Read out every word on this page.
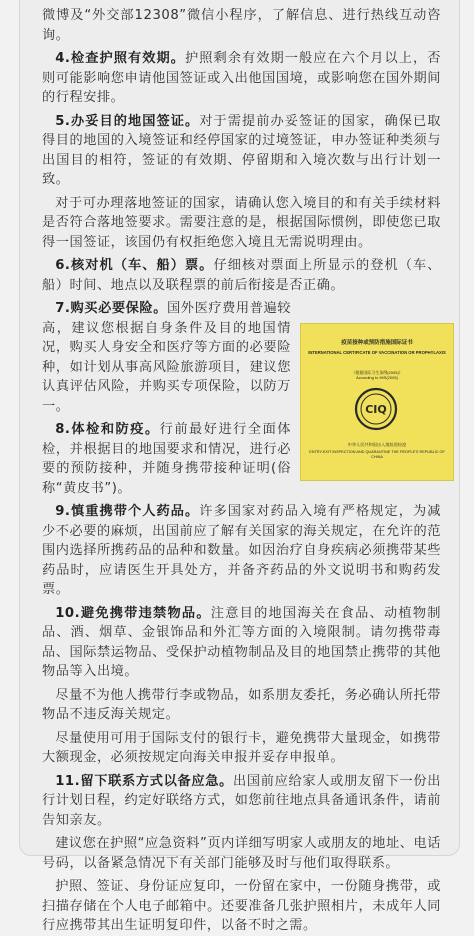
微博及“外交部12308”微信小程序，了解信息、进行热线互动咨询。

4.检查护照有效期。护照剩余有效期一般应在六个月以上，否则可能影响您申请他国签证或入出他国国境，或影响您在国外期间的行程安排。

5.办妥目的地国签证。对于需提前办妥签证的国家，确保已取得目的地国的入境签证和经停国家的过境签证，申办签证种类须与出国目的相符，签证的有效期、停留期和入境次数与出行计划一致。

对于可办理落地签证的国家，请确认您入境目的和有关手续材料是否符合落地签要求。需要注意的是，根据国际惯例，即使您已取得一国签证，该国仍有权拒绝您入境且无需说明理由。

6.核对机（车、船）票。仔细核对票面上所显示的登机（车、船）时间、地点以及联程票的前后衔接是否正确。

7.购买必要保险。国外医疗费用普遍较高，建议您根据自身条件及目的地国情况，购买人身安全和医疗等方面的必要险种，如计划从事高风险旅游项目，建议您认真评估风险，并购买专项保险，以防万一。

8.体检和防疫。行前最好进行全面体检，并根据目的地国要求和情况，进行必要的预防接种，并随身携带接种证明(俗称“黄皮书”)。

9.慎重携带个人药品。许多国家对药品入境有严格规定，为减少不必要的麻烦，出国前应了解有关国家的海关规定，在允许的范围内选择所携药品的品种和数量。如因治疗自身疾病必须携带某些药品时，应请医生开具处方，并备齐药品的外文说明书和购药发票。

10.避免携带违禁物品。注意目的地国海关在食品、动植物制品、酒、烟草、金银饰品和外汇等方面的入境限制。请勿携带毒品、国际禁运物品、受保护动植物制品及目的地国禁止携带的其他物品等入出境。

尽量不为他人携带行李或物品，如系朋友委托，务必确认所托带物品不违反海关规定。

尽量使用可用于国际支付的银行卡，避免携带大量现金，如携带大额现金，必须按规定向海关申报并妥存申报单。

11.留下联系方式以备应急。出国前应给家人或朋友留下一份出行计划日程，约定好联络方式，如您前往地点具备通讯条件，请前告知亲友。

建议您在护照“应急资料”页内详细写明家人或朋友的地址、电话号码，以备紧急情况下有关部门能够及时与他们取得联系。

护照、签证、身份证应复印，一份留在家中，一份随身携带，或扫描存储在个人电子邮箱中。还要准备几张护照相片，未成年人同行应携带其出生证明复印件，以备不时之需。

疫苗接种或预防措施国际证书
INTERNATIONAL CERTIFICATE OF VACCINATION OR PROPHYLAXIS
（根据国际卫生条例(2005)）
According to IHR(2005)
CIQ
中华人民共和国出入境检验检疫
ENTRY-EXIT INSPECTION AND QUARANTINE THE PEOPLE'S REPUBLIC OF CHINA
